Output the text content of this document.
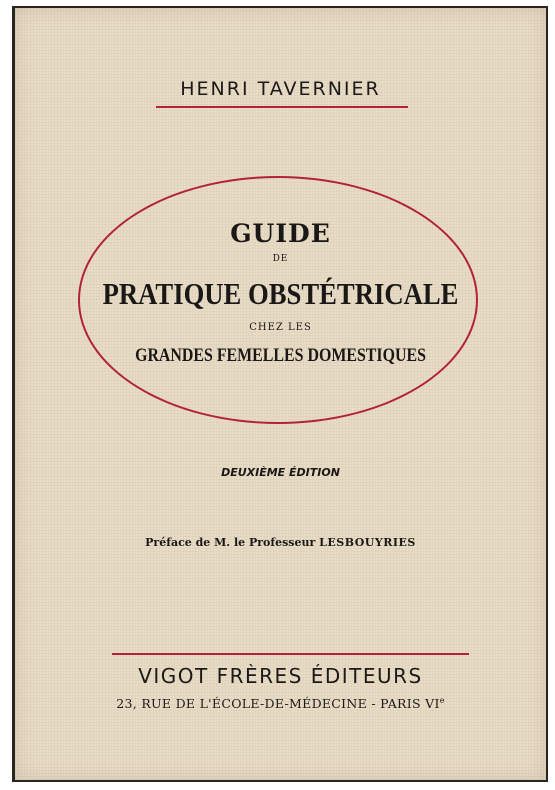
HENRI TAVERNIER
GUIDE
DE
PRATIQUE OBSTÉTRICALE
CHEZ LES
GRANDES FEMELLES DOMESTIQUES
DEUXIÈME ÉDITION
Préface de M. le Professeur LESBOUYRIES
VIGOT FRÈRES ÉDITEURS
23, RUE DE L'ÉCOLE-DE-MÉDECINE - PARIS VIe
